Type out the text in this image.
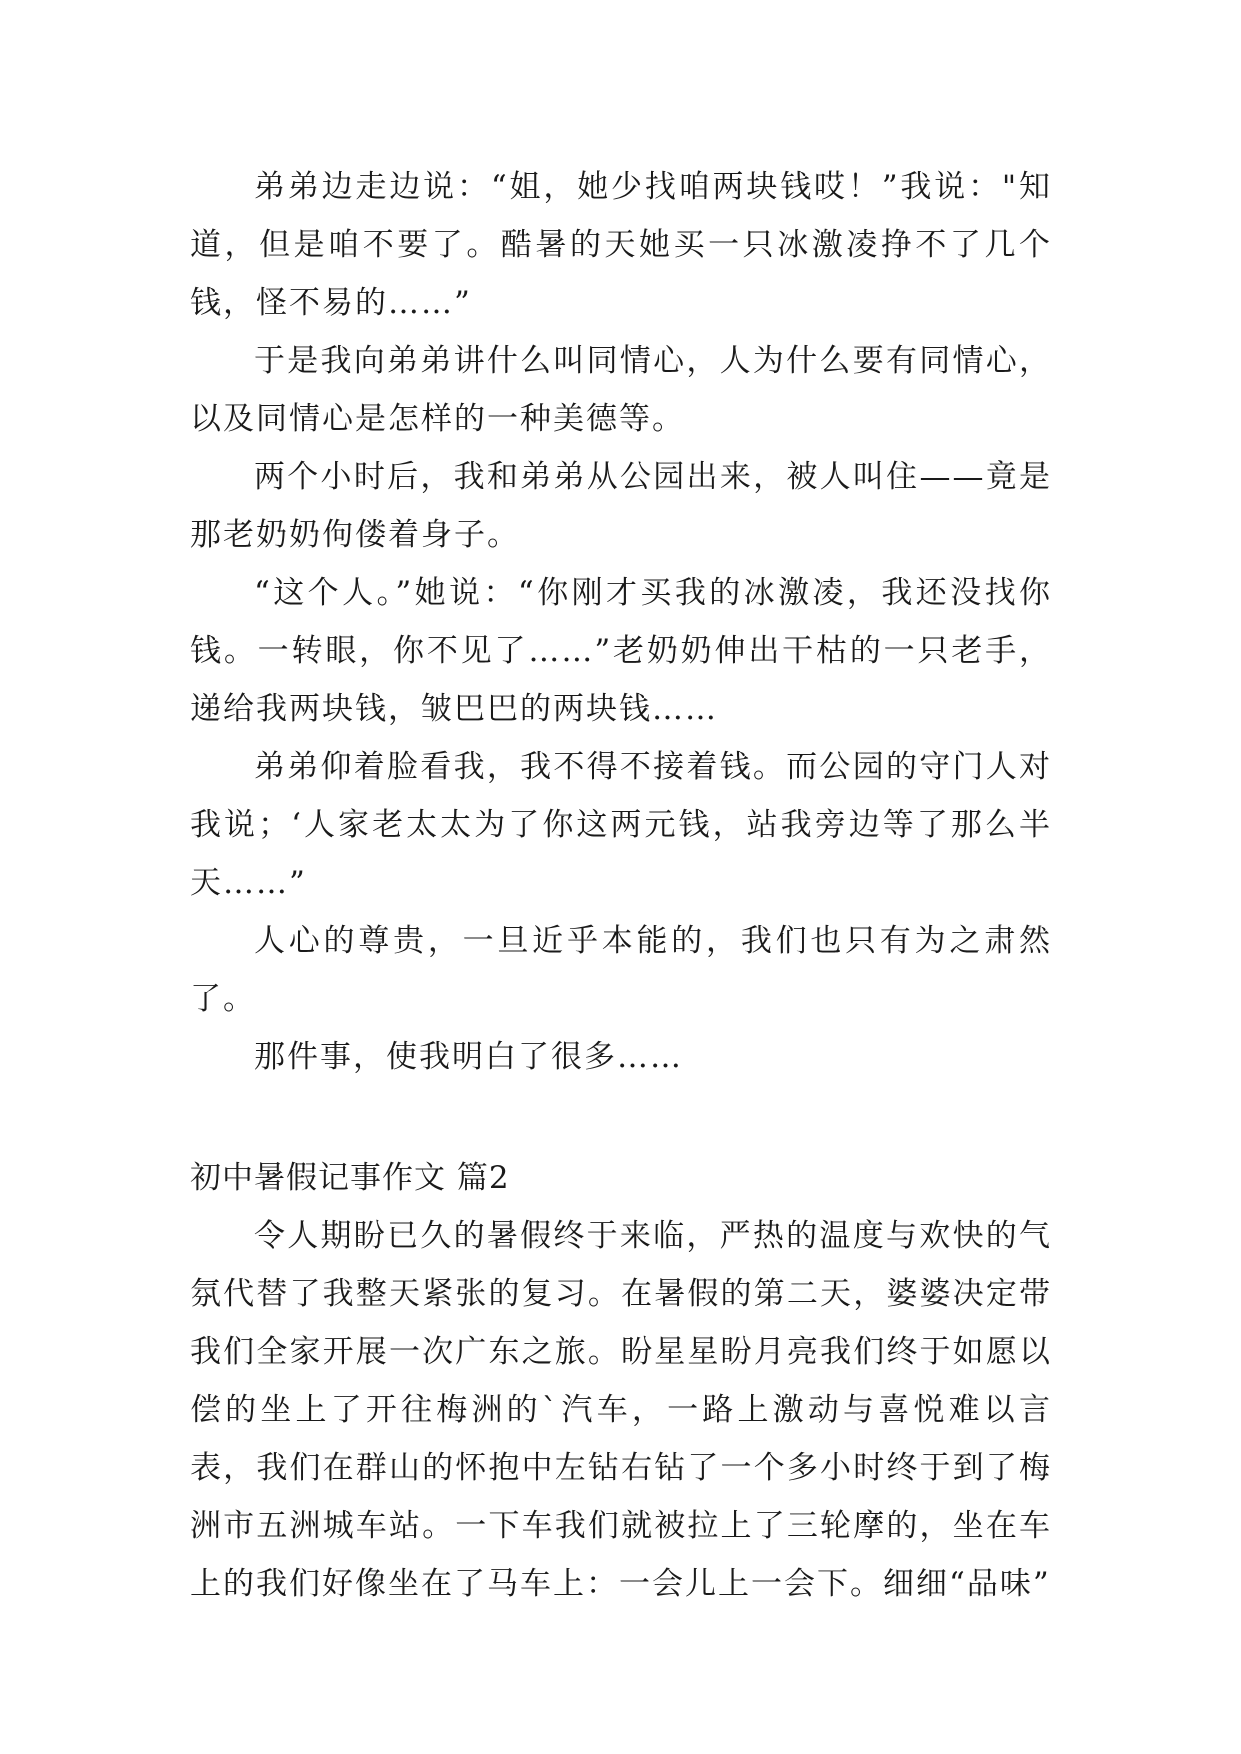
弟弟边走边说：“姐，她少找咱两块钱哎！”我说："知道，但是咱不要了。酷暑的天她买一只冰激凌挣不了几个钱，怪不易的……”

于是我向弟弟讲什么叫同情心，人为什么要有同情心，以及同情心是怎样的一种美德等。

两个小时后，我和弟弟从公园出来，被人叫住——竟是那老奶奶佝偻着身子。

“这个人。”她说：“你刚才买我的冰激凌，我还没找你钱。一转眼，你不见了……”老奶奶伸出干枯的一只老手，递给我两块钱，皱巴巴的两块钱……

弟弟仰着脸看我，我不得不接着钱。而公园的守门人对我说；‘人家老太太为了你这两元钱，站我旁边等了那么半天……”

人心的尊贵，一旦近乎本能的，我们也只有为之肃然了。

那件事，使我明白了很多……

初中暑假记事作文 篇2

令人期盼已久的暑假终于来临，严热的温度与欢快的气氛代替了我整天紧张的复习。在暑假的第二天，婆婆决定带我们全家开展一次广东之旅。盼星星盼月亮我们终于如愿以偿的坐上了开往梅洲的`汽车，一路上激动与喜悦难以言表，我们在群山的怀抱中左钻右钻了一个多小时终于到了梅洲市五洲城车站。一下车我们就被拉上了三轮摩的，坐在车上的我们好像坐在了马车上：一会儿上一会下。细细“品味”
